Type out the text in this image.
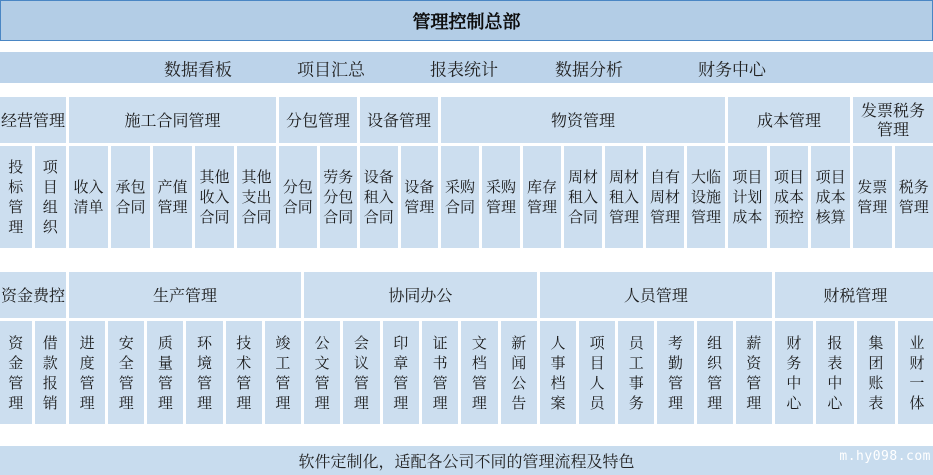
管理控制总部
数据看板	项目汇总	报表统计	数据分析	财务中心
经营管理
投
标
管
理
项
目
组
织
施工合同管理
收入
清单
承包
合同
产值
管理
其他
收入
合同
其他
支出
合同
分包管理
分包
合同
劳务
分包
合同
设备管理
设备
租入
合同
设备
管理
物资管理
采购
合同
采购
管理
库存
管理
周材
租入
合同
周材
租入
管理
自有
周材
管理
大临
设施
管理
成本管理
项目
计划
成本
项目
成本
预控
项目
成本
核算
发票税务管理
发票
管理
税务
管理
资金费控
资
金
管
理
借
款
报
销
生产管理
进
度
管
理
安
全
管
理
质
量
管
理
环
境
管
理
技
术
管
理
竣
工
管
理
协同办公
公
文
管
理
会
议
管
理
印
章
管
理
证
书
管
理
文
档
管
理
新
闻
公
告
人员管理
人
事
档
案
项
目
人
员
员
工
事
务
考
勤
管
理
组
织
管
理
薪
资
管
理
财税管理
财
务
中
心
报
表
中
心
集
团
账
表
业
财
一
体
软件定制化，适配各公司不同的管理流程及特色	m.hy098.com
